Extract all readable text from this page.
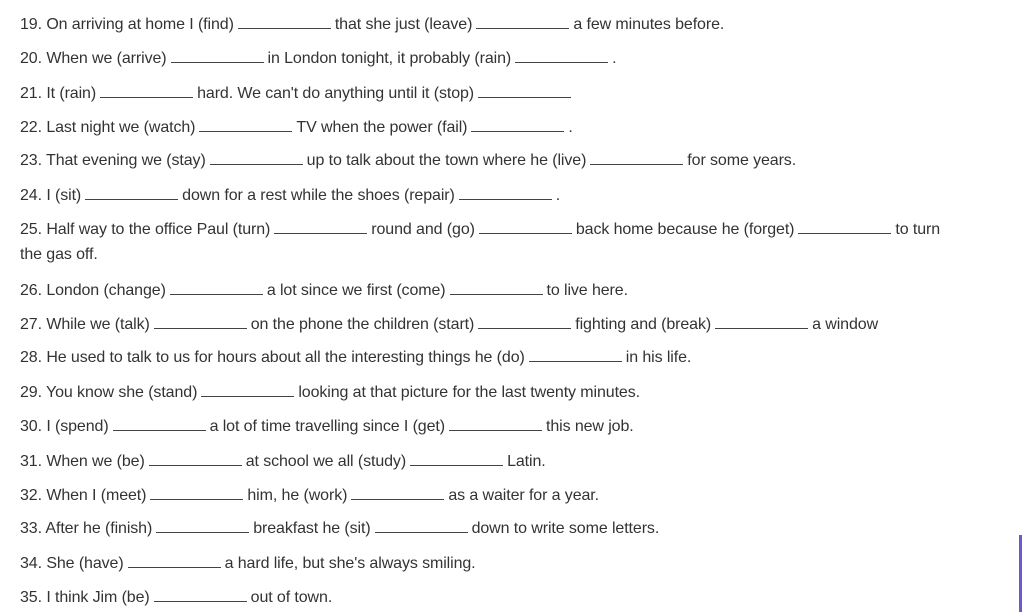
19. On arriving at home I (find)	that she just (leave)	a few minutes before.
20. When we (arrive)	in London tonight, it probably (rain)	.
21. It (rain)	hard. We can't do anything until it (stop)
22. Last night we (watch)	TV when the power (fail)	.
23. That evening we (stay)	up to talk about the town where he (live)	for some years.
24. I (sit)	down for a rest while the shoes (repair)	.
25. Half way to the office Paul (turn)	round and (go)	back home because he (forget)	to turn
the gas off.
26. London (change)	a lot since we first (come)	to live here.
27. While we (talk)	on the phone the children (start)	fighting and (break)	a window
28. He used to talk to us for hours about all the interesting things he (do)	in his life.
29. You know she (stand)	looking at that picture for the last twenty minutes.
30. I (spend)	a lot of time travelling since I (get)	this new job.
31. When we (be)	at school we all (study)	Latin.
32. When I (meet)	him, he (work)	as a waiter for a year.
33. After he (finish)	breakfast he (sit)	down to write some letters.
34. She (have)	a hard life, but she's always smiling.
35. I think Jim (be)	out of town.
